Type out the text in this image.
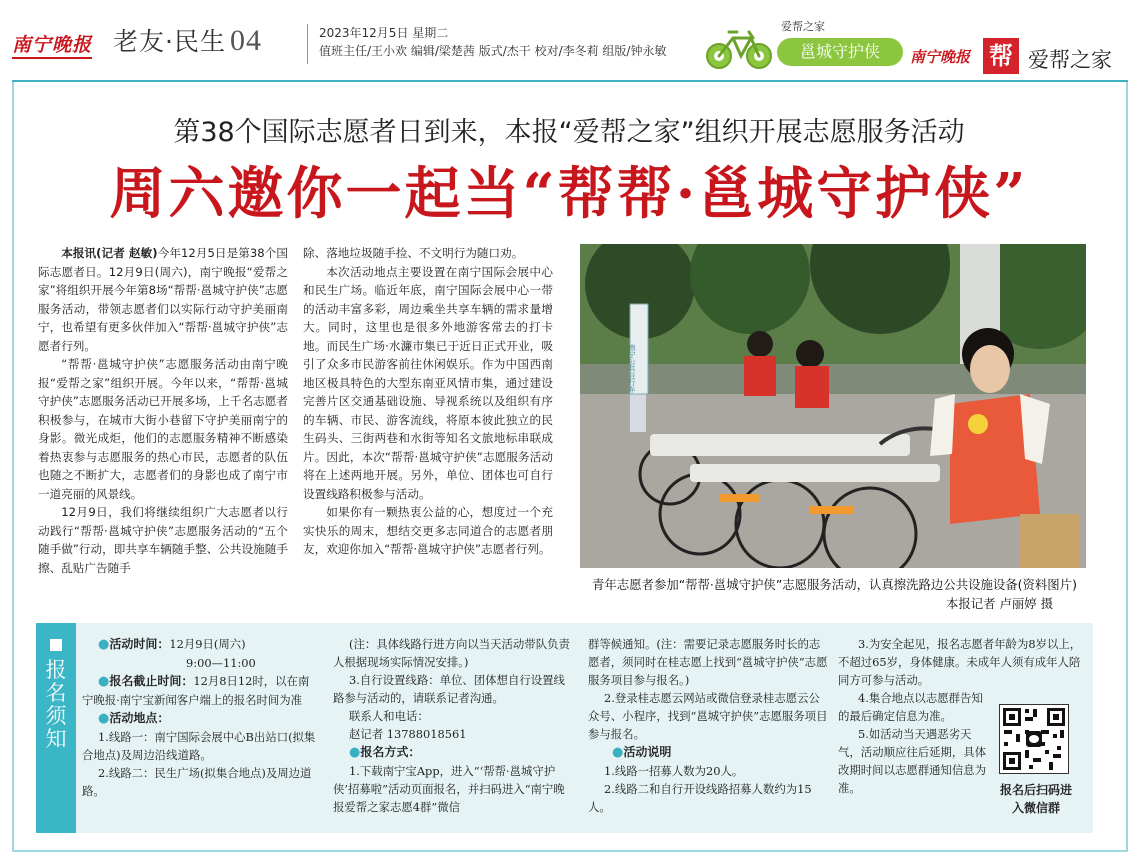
南宁晚报 老友·民生 04	2023年12月5日 星期二
值班主任/王小欢 编辑/梁楚茜 版式/杰干 校对/李冬莉 组版/钟永敏
爱帮之家
邕城守护侠	南宁晚报 帮 爱帮之家
第38个国际志愿者日到来，本报“爱帮之家”组织开展志愿服务活动
周六邀你一起当“帮帮·邕城守护侠”

本报讯(记者 赵敏)今年12月5日是第38个国际志愿者日。12月9日(周六)，南宁晚报“爱帮之家”将组织开展今年第8场“帮帮·邕城守护侠”志愿服务活动，带领志愿者们以实际行动守护美丽南宁，也希望有更多伙伴加入“帮帮·邕城守护侠”志愿者行列。

“帮帮·邕城守护侠”志愿服务活动由南宁晚报“爱帮之家”组织开展。今年以来，“帮帮·邕城守护侠”志愿服务活动已开展多场，上千名志愿者积极参与，在城市大街小巷留下守护美丽南宁的身影。微光成炬，他们的志愿服务精神不断感染着热衷参与志愿服务的热心市民，志愿者的队伍也随之不断扩大，志愿者们的身影也成了南宁市一道亮丽的风景线。

12月9日，我们将继续组织广大志愿者以行动践行“帮帮·邕城守护侠”志愿服务活动的“五个随手做”行动，即共享车辆随手整、公共设施随手擦、乱贴广告随手

除、落地垃圾随手捡、不文明行为随口劝。

本次活动地点主要设置在南宁国际会展中心和民生广场。临近年底，南宁国际会展中心一带的活动丰富多彩，周边乘坐共享车辆的需求量增大。同时，这里也是很多外地游客常去的打卡地。而民生广场·水濂市集已于近日正式开业，吸引了众多市民游客前往休闲娱乐。作为中国西南地区极具特色的大型东南亚风情市集，通过建设完善片区交通基础设施、导视系统以及组织有序的车辆、市民、游客流线，将原本彼此独立的民生码头、三街两巷和水街等知名文旅地标串联成片。因此，本次“帮帮·邕城守护侠”志愿服务活动将在上述两地开展。另外，单位、团体也可自行设置线路积极参与活动。

如果你有一颗热衷公益的心，想度过一个充实快乐的周末，想结交更多志同道合的志愿者朋友，欢迎你加入“帮帮·邕城守护侠”志愿者行列。

南宁公共自行车
青年志愿者参加“帮帮·邕城守护侠”志愿服务活动，认真擦洗路边公共设施设备(资料图片)
本报记者 卢丽婷 摄
报名须知
●活动时间：12月9日(周六)
9:00—11:00
●报名截止时间：12月8日12时，以在南宁晚报·南宁宝新闻客户端上的报名时间为准
●活动地点：
1.线路一：南宁国际会展中心B出站口(拟集合地点)及周边沿线道路。
2.线路二：民生广场(拟集合地点)及周边道路。
(注：具体线路行进方向以当天活动带队负责人根据现场实际情况安排。)
3.自行设置线路：单位、团体想自行设置线路参与活动的，请联系记者沟通。
联系人和电话：
赵记者 13788018561
●报名方式：
1.下载南宁宝App，进入“‘帮帮·邕城守护侠’招募啦”活动页面报名，并扫码进入“南宁晚报爱帮之家志愿4群”微信
群等候通知。(注：需要记录志愿服务时长的志愿者，须同时在桂志愿上找到“邕城守护侠”志愿服务项目参与报名。)
2.登录桂志愿云网站或微信登录桂志愿云公众号、小程序，找到“邕城守护侠”志愿服务项目参与报名。
●活动说明
1.线路一招募人数为20人。
2.线路二和自行开设线路招募人数约为15人。
3.为安全起见，报名志愿者年龄为8岁以上，不超过65岁，身体健康。未成年人须有成年人陪同方可参与活动。
4.集合地点以志愿群告知的最后确定信息为准。
5.如活动当天遇恶劣天气，活动顺应往后延期，具体改期时间以志愿群通知信息为准。	报名后扫码进入微信群
